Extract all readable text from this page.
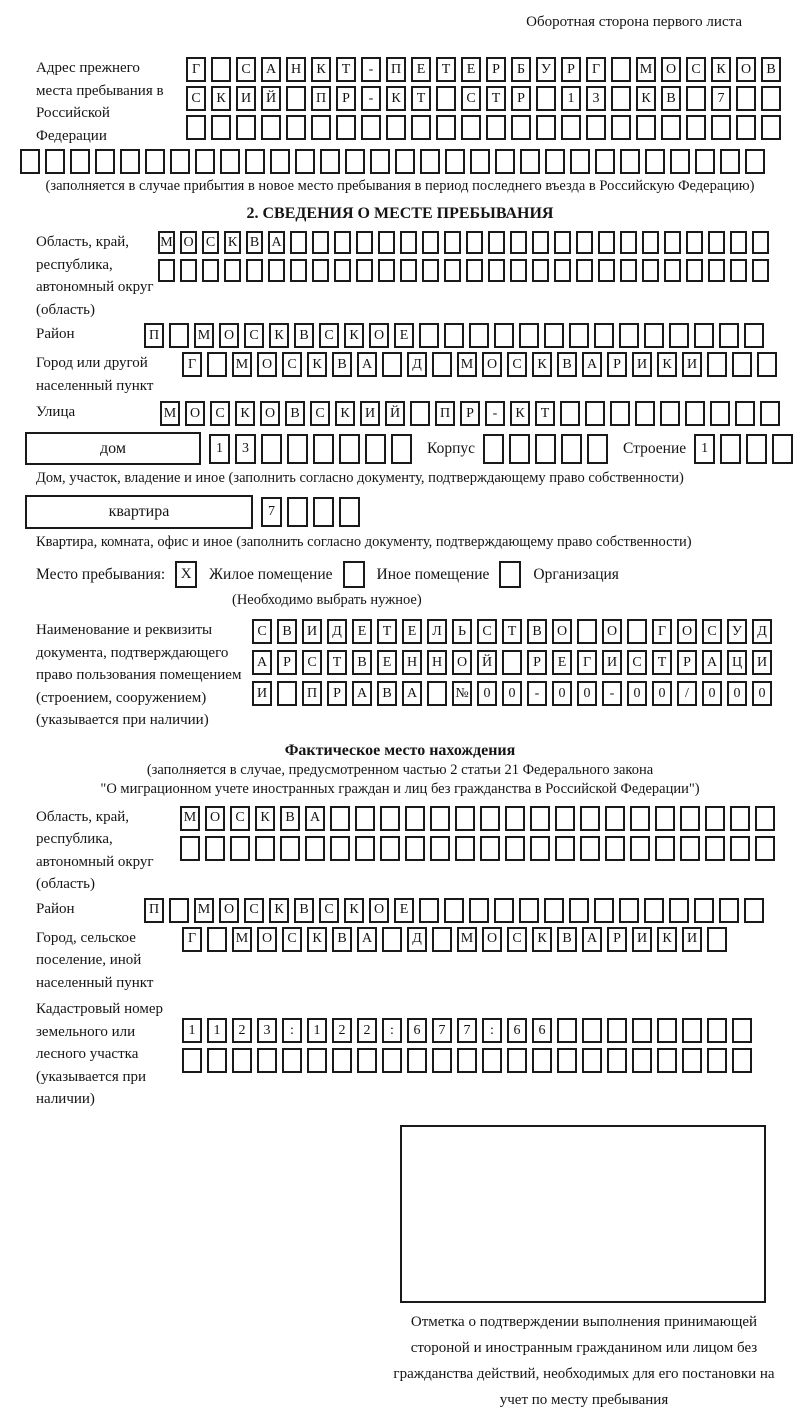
Оборотная сторона первого листа
Адрес прежнего места пребывания в Российской Федерации
Г	С	А	Н	К	Т	-	П	Е	Т	Е	Р	Б	У	Р	Г	М О	С	К	О	В
С	К	И	Й	П	Р	-	К	Т	С	Т	Р	1	3	К	В	7
(заполняется в случае прибытия в новое место пребывания в период последнего въезда в Российскую Федерацию)
2. СВЕДЕНИЯ О МЕСТЕ ПРЕБЫВАНИЯ
Область, край, республика, автономный округ (область)
М О С К В А
Район	П	М О	С	К	В	С	К	О	Е
Город или другой населенный пункт
Г	М О	С	К	В	А	Д	М О	С	К	В	А	Р	И	К	И
Улица	М О	С	К	О	В	С	К	И	Й	П	Р	-	К	Т
дом	1	3	Корпус	Строение	1
Дом, участок, владение и иное (заполнить согласно документу, подтверждающему право собственности)
квартира	7
Квартира, комната, офис и иное (заполнить согласно документу, подтверждающему право собственности)
Место пребывания:	X	Жилое помещение	Иное помещение	Организация
(Необходимо выбрать нужное)
Наименование и реквизиты документа, подтверждающего право пользования помещением (строением, сооружением) (указывается при наличии)
С	В	И	Д	Е	Т	Е	Л	Ь	С	Т	В	О	О	Г	О	С	У	Д
А	Р	С	Т	В	Е	Н	Н	О	Й	Р	Е	Г	И	С	Т	Р	А	Ц	И
И	П	Р	А	В	А	№	0	0	-	0	0	-	0	0	/	0	0	0
Фактическое место нахождения
(заполняется в случае, предусмотренном частью 2 статьи 21 Федерального закона
"О миграционном учете иностранных граждан и лиц без гражданства в Российской Федерации")
Область, край, республика, автономный округ (область)
М О	С	К	В	А
Район	П	М О	С	К	В	С	К	О	Е
Город, сельское поселение, иной населенный пункт
Г	М О	С	К	В	А	Д	М О	С	К	В	А	Р	И	К	И
Кадастровый номер земельного или лесного участка (указывается при наличии)
1	1	2	3	:	1	2	2	:	6	7	7	:	6	6
Отметка о подтверждении выполнения принимающей стороной и иностранным гражданином или лицом без гражданства действий, необходимых для его постановки на учет по месту пребывания
